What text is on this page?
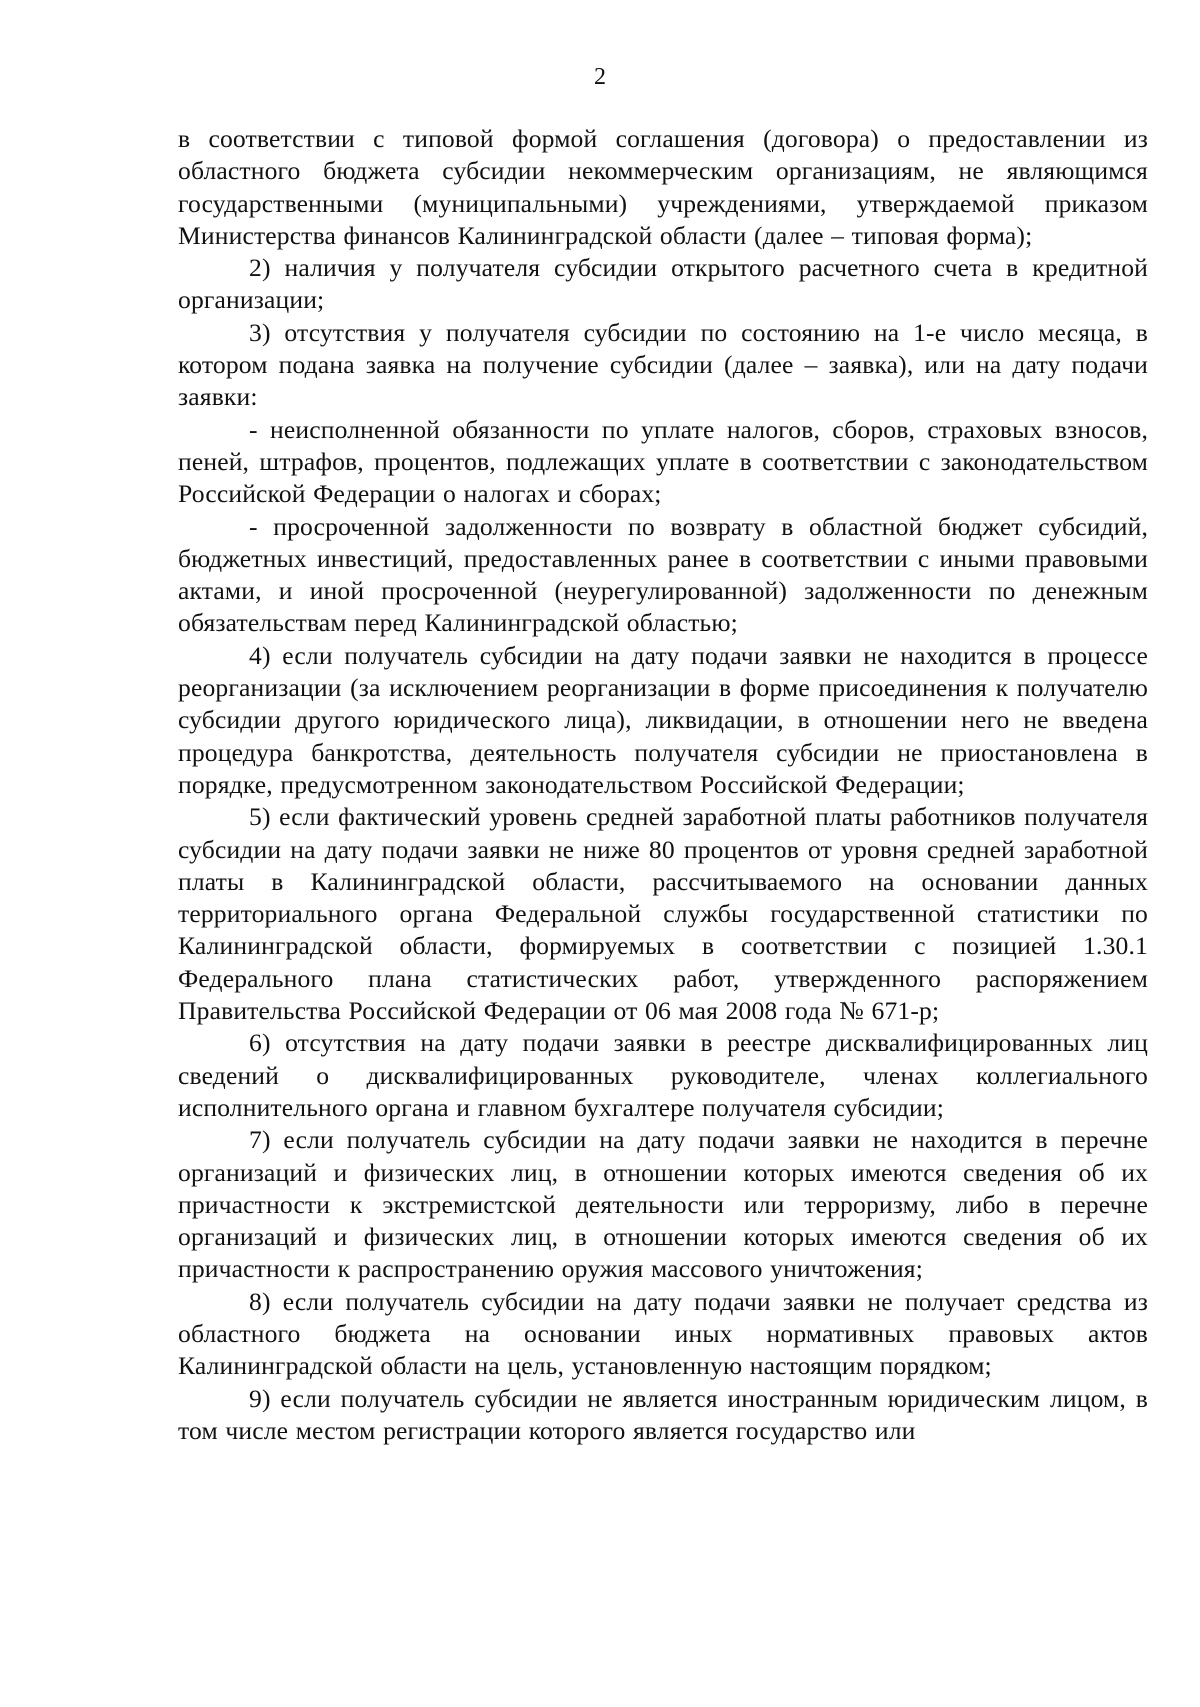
2

в соответствии с типовой формой соглашения (договора) о предоставлении из областного бюджета субсидии некоммерческим организациям, не являющимся государственными (муниципальными) учреждениями, утверждаемой приказом Министерства финансов Калининградской области (далее – типовая форма);

2) наличия у получателя субсидии открытого расчетного счета в кредитной организации;

3) отсутствия у получателя субсидии по состоянию на 1-е число месяца, в котором подана заявка на получение субсидии (далее – заявка), или на дату подачи заявки:

- неисполненной обязанности по уплате налогов, сборов, страховых взносов, пеней, штрафов, процентов, подлежащих уплате в соответствии с законодательством Российской Федерации о налогах и сборах;

- просроченной задолженности по возврату в областной бюджет субсидий, бюджетных инвестиций, предоставленных ранее в соответствии с иными правовыми актами, и иной просроченной (неурегулированной) задолженности по денежным обязательствам перед Калининградской областью;

4) если получатель субсидии на дату подачи заявки не находится в процессе реорганизации (за исключением реорганизации в форме присоединения к получателю субсидии другого юридического лица), ликвидации, в отношении него не введена процедура банкротства, деятельность получателя субсидии не приостановлена в порядке, предусмотренном законодательством Российской Федерации;

5) если фактический уровень средней заработной платы работников получателя субсидии на дату подачи заявки не ниже 80 процентов от уровня средней заработной платы в Калининградской области, рассчитываемого на основании данных территориального органа Федеральной службы государственной статистики по Калининградской области, формируемых в соответствии с позицией 1.30.1 Федерального плана статистических работ, утвержденного распоряжением Правительства Российской Федерации от 06 мая 2008 года № 671-р;

6) отсутствия на дату подачи заявки в реестре дисквалифицированных лиц сведений о дисквалифицированных руководителе, членах коллегиального исполнительного органа и главном бухгалтере получателя субсидии;

7) если получатель субсидии на дату подачи заявки не находится в перечне организаций и физических лиц, в отношении которых имеются сведения об их причастности к экстремистской деятельности или терроризму, либо в перечне организаций и физических лиц, в отношении которых имеются сведения об их причастности к распространению оружия массового уничтожения;

8) если получатель субсидии на дату подачи заявки не получает средства из областного бюджета на основании иных нормативных правовых актов Калининградской области на цель, установленную настоящим порядком;

9) если получатель субсидии не является иностранным юридическим лицом, в том числе местом регистрации которого является государство или
